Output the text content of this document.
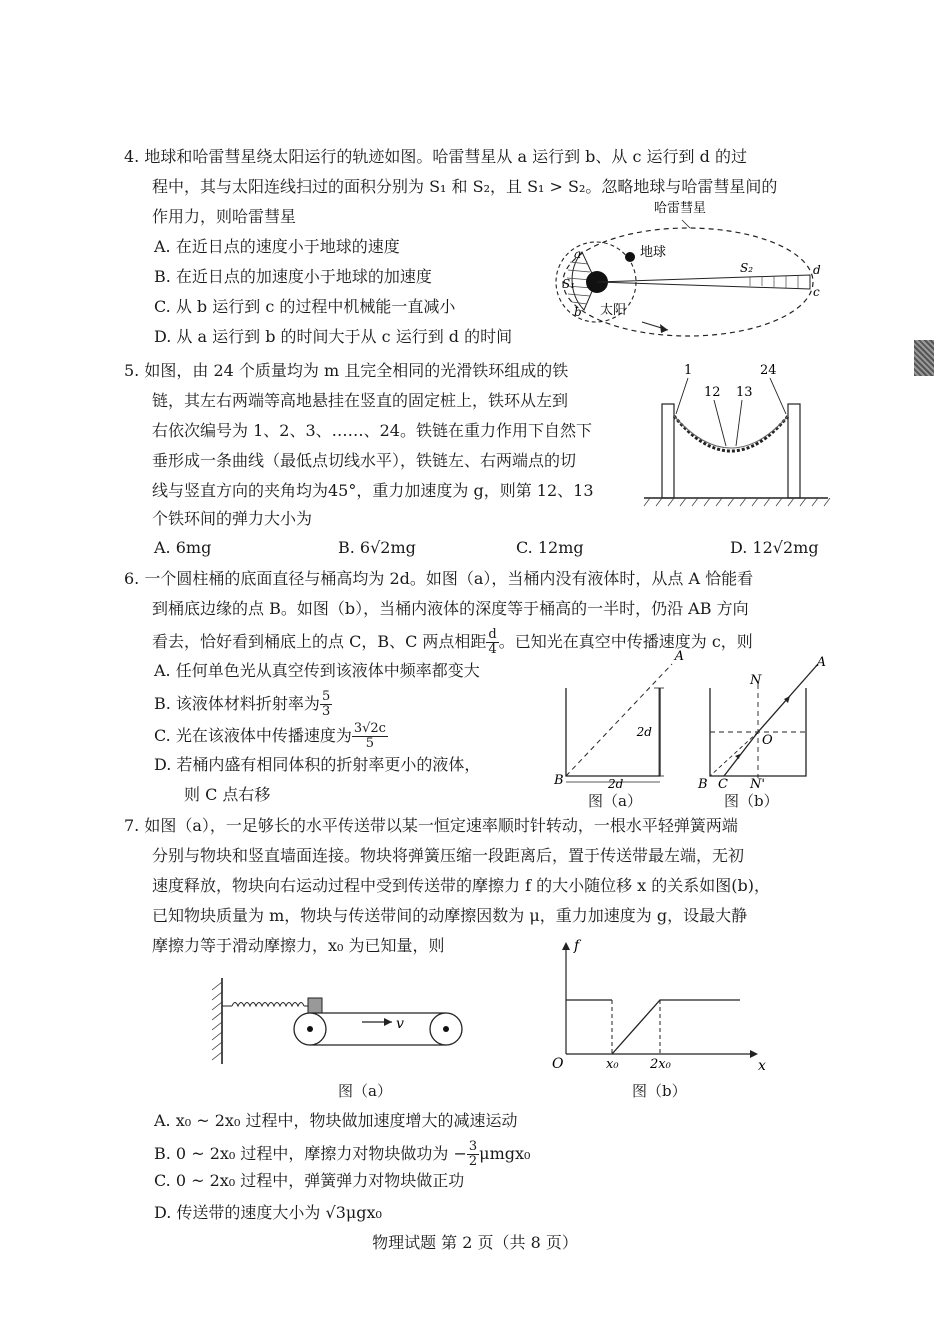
4. 地球和哈雷彗星绕太阳运行的轨迹如图。哈雷彗星从 a 运行到 b、从 c 运行到 d 的过
程中，其与太阳连线扫过的面积分别为 S₁ 和 S₂，且 S₁ > S₂。忽略地球与哈雷彗星间的
作用力，则哈雷彗星
A. 在近日点的速度小于地球的速度
B. 在近日点的加速度小于地球的加速度
C. 从 b 运行到 c 的过程中机械能一直减小
D. 从 a 运行到 b 的时间大于从 c 运行到 d 的时间
哈雷彗星
地球
太阳
a
b
c
d
S₁
S₂
5. 如图，由 24 个质量均为 m 且完全相同的光滑铁环组成的铁
链，其左右两端等高地悬挂在竖直的固定桩上，铁环从左到
右依次编号为 1、2、3、……、24。铁链在重力作用下自然下
垂形成一条曲线（最低点切线水平），铁链左、右两端点的切
线与竖直方向的夹角均为45°，重力加速度为 g，则第 12、13
个铁环间的弹力大小为
A. 6mg	B. 6√2mg	C. 12mg	D. 12√2mg
1	24
12 13
6. 一个圆柱桶的底面直径与桶高均为 2d。如图（a），当桶内没有液体时，从点 A 恰能看
到桶底边缘的点 B。如图（b），当桶内液体的深度等于桶高的一半时，仍沿 AB 方向
看去，恰好看到桶底上的点 C，B、C 两点相距 $\frac{d}{4}$ 。已知光在真空中传播速度为 c，则
A. 任何单色光从真空传到该液体中频率都变大
B. 该液体材料折射率为 $\frac{5}{3}$
C. 光在该液体中传播速度为 $\frac{3√2c}{5}$
D. 若桶内盛有相同体积的折射率更小的液体，
则 C 点右移
A
B
2d
2d
图（a）
A
N
O
B C N'
图（b）
7. 如图（a），一足够长的水平传送带以某一恒定速率顺时针转动，一根水平轻弹簧两端
分别与物块和竖直墙面连接。物块将弹簧压缩一段距离后，置于传送带最左端，无初
速度释放，物块向右运动过程中受到传送带的摩擦力 f 的大小随位移 x 的关系如图(b)，
已知物块质量为 m，物块与传送带间的动摩擦因数为 μ，重力加速度为 g，设最大静
摩擦力等于滑动摩擦力，x₀ 为已知量，则
v
图（a）
f
x
O	x₀ 2x₀
图（b）
A. x₀ ~ 2x₀ 过程中，物块做加速度增大的减速运动
B. 0 ~ 2x₀ 过程中，摩擦力对物块做功为 − $\frac{3}{2} \mu mgx_0$
C. 0 ~ 2x₀ 过程中，弹簧弹力对物块做正功
D. 传送带的速度大小为 √3μgx₀
物理试题 第 2 页（共 8 页）
